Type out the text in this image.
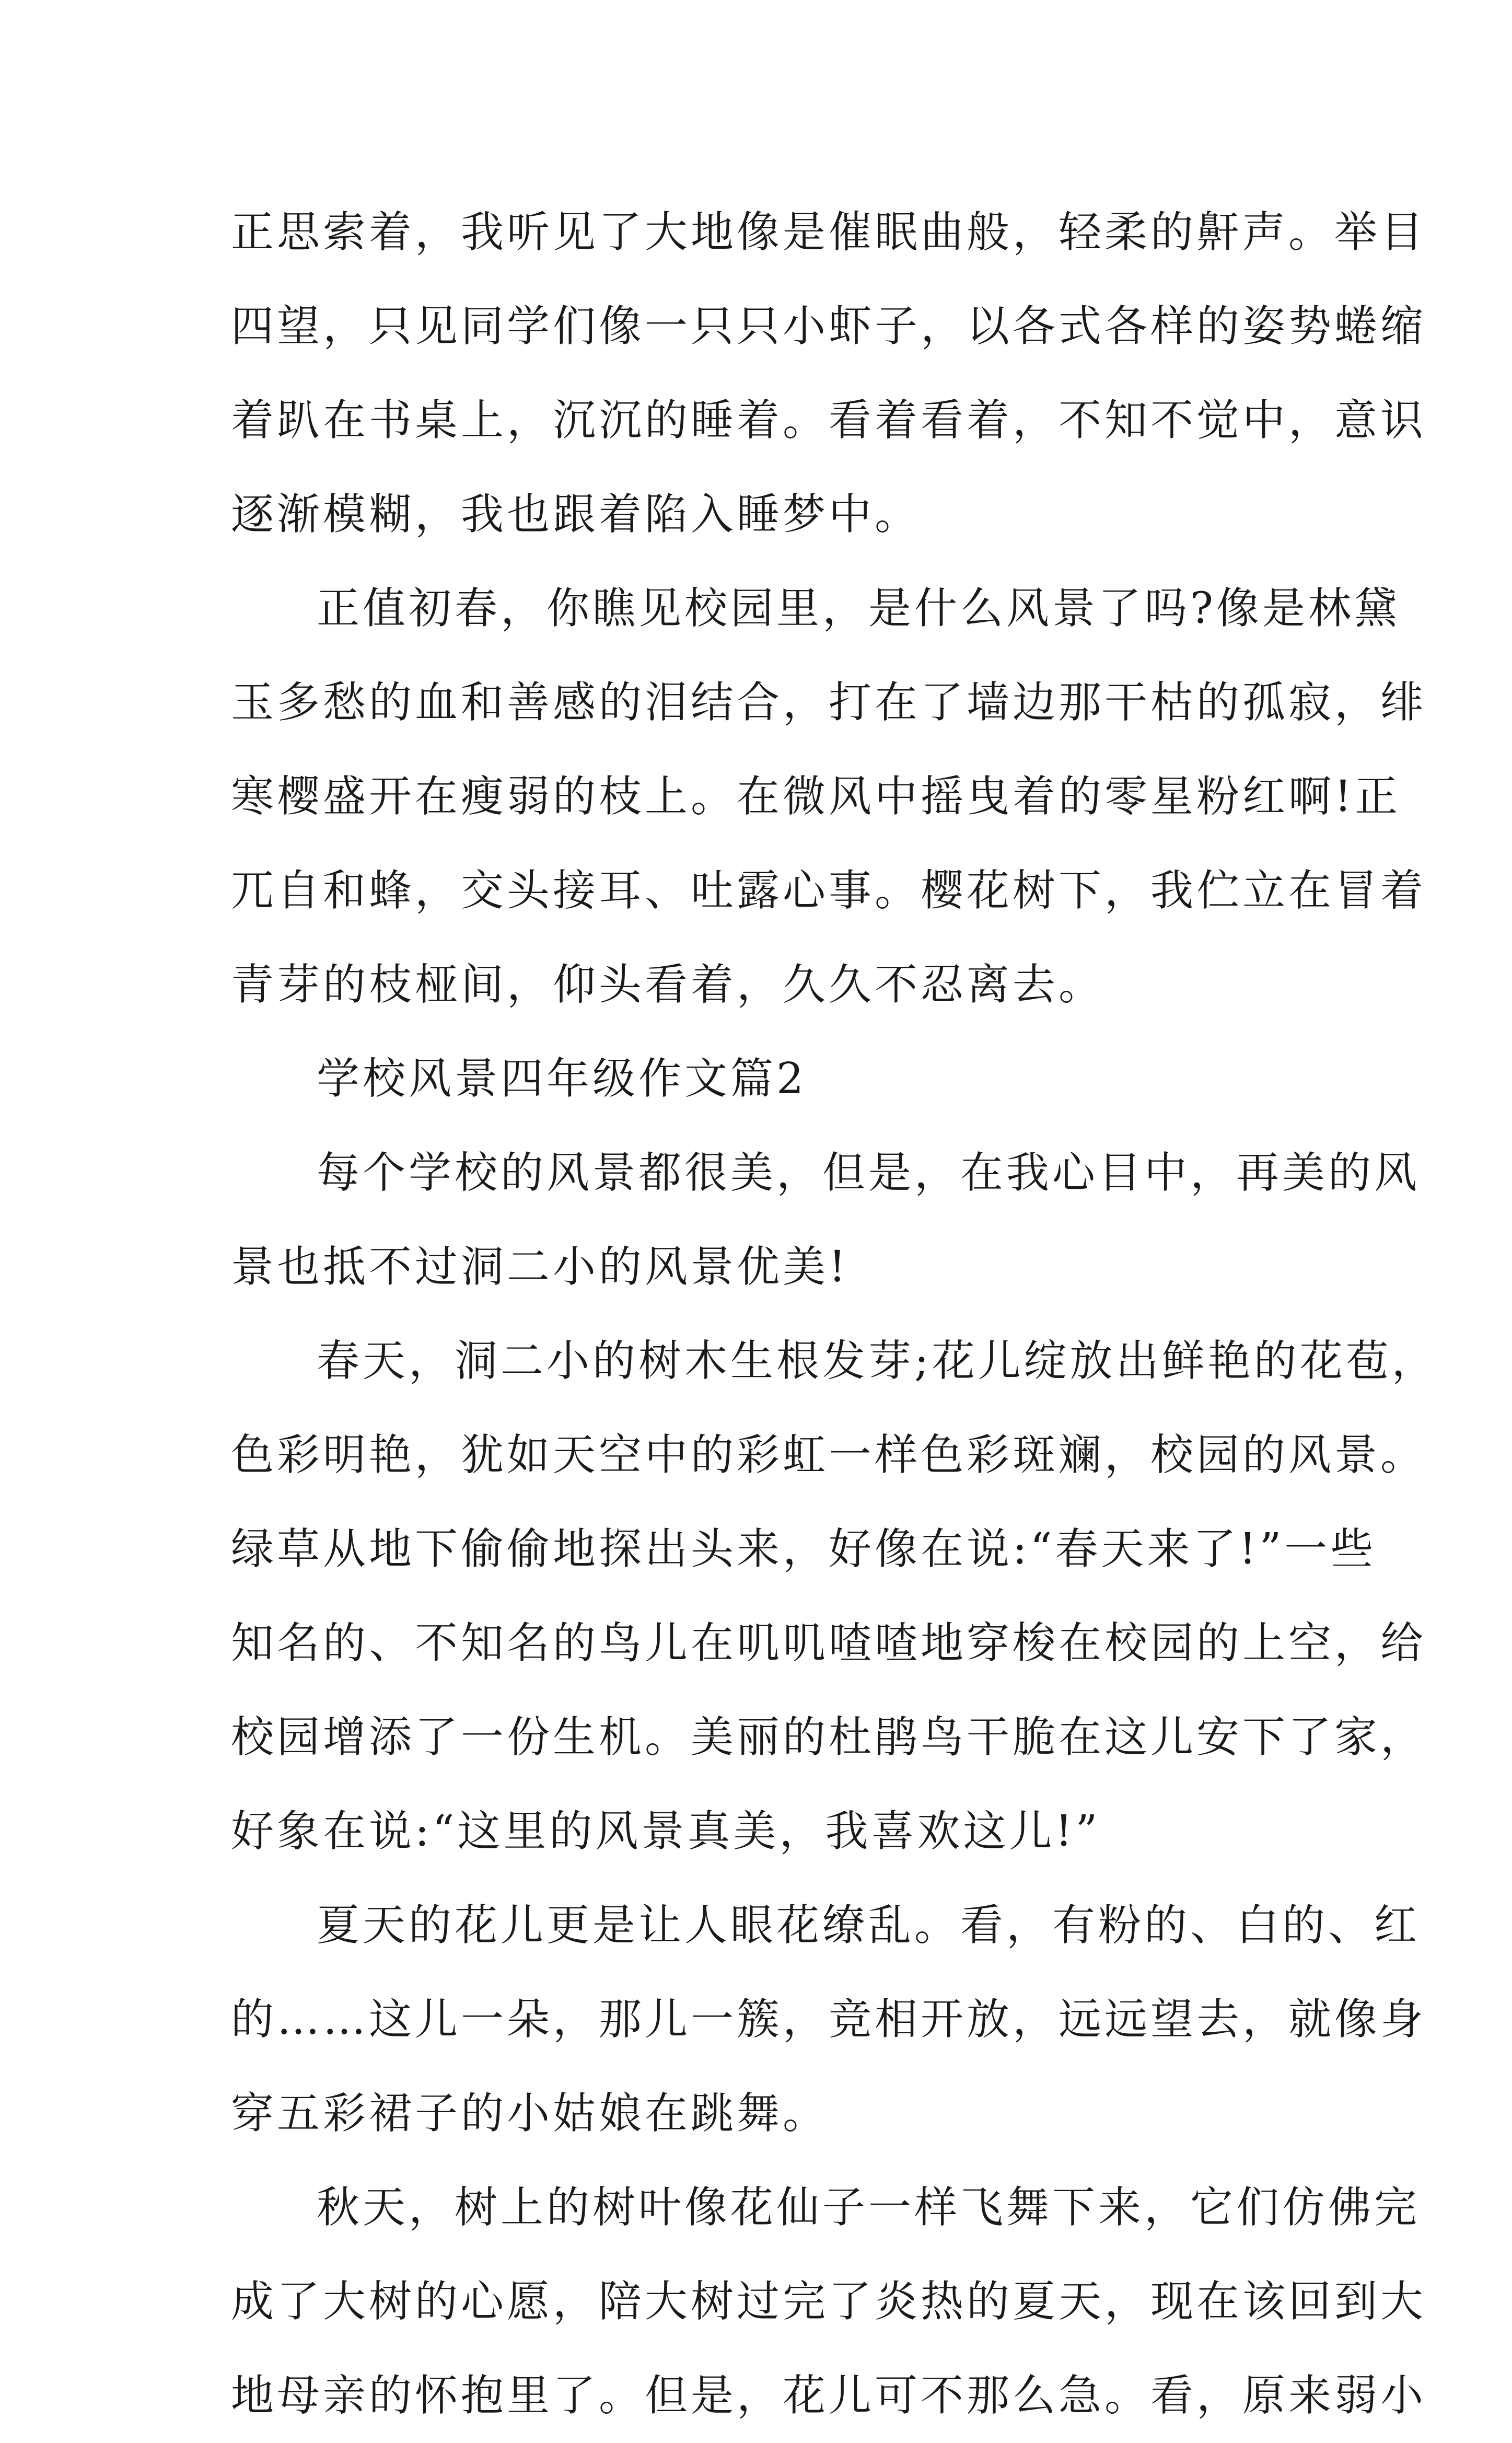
正思索着，我听见了大地像是催眠曲般，轻柔的鼾声。举目
四望，只见同学们像一只只小虾子，以各式各样的姿势蜷缩
着趴在书桌上，沉沉的睡着。看着看着，不知不觉中，意识
逐渐模糊，我也跟着陷入睡梦中。
正值初春，你瞧见校园里，是什么风景了吗?像是林黛
玉多愁的血和善感的泪结合，打在了墙边那干枯的孤寂，绯
寒樱盛开在瘦弱的枝上。在微风中摇曳着的零星粉红啊!正
兀自和蜂，交头接耳、吐露心事。樱花树下，我伫立在冒着
青芽的枝桠间，仰头看着，久久不忍离去。
学校风景四年级作文篇2
每个学校的风景都很美，但是，在我心目中，再美的风
景也抵不过洞二小的风景优美!
春天，洞二小的树木生根发芽;花儿绽放出鲜艳的花苞，
色彩明艳，犹如天空中的彩虹一样色彩斑斓，校园的风景。
绿草从地下偷偷地探出头来，好像在说:“春天来了!”一些
知名的、不知名的鸟儿在叽叽喳喳地穿梭在校园的上空，给
校园增添了一份生机。美丽的杜鹃鸟干脆在这儿安下了家，
好象在说:“这里的风景真美，我喜欢这儿!”
夏天的花儿更是让人眼花缭乱。看，有粉的、白的、红
的……这儿一朵，那儿一簇，竞相开放，远远望去，就像身
穿五彩裙子的小姑娘在跳舞。
秋天，树上的树叶像花仙子一样飞舞下来，它们仿佛完
成了大树的心愿，陪大树过完了炎热的夏天，现在该回到大
地母亲的怀抱里了。但是，花儿可不那么急。看，原来弱小
